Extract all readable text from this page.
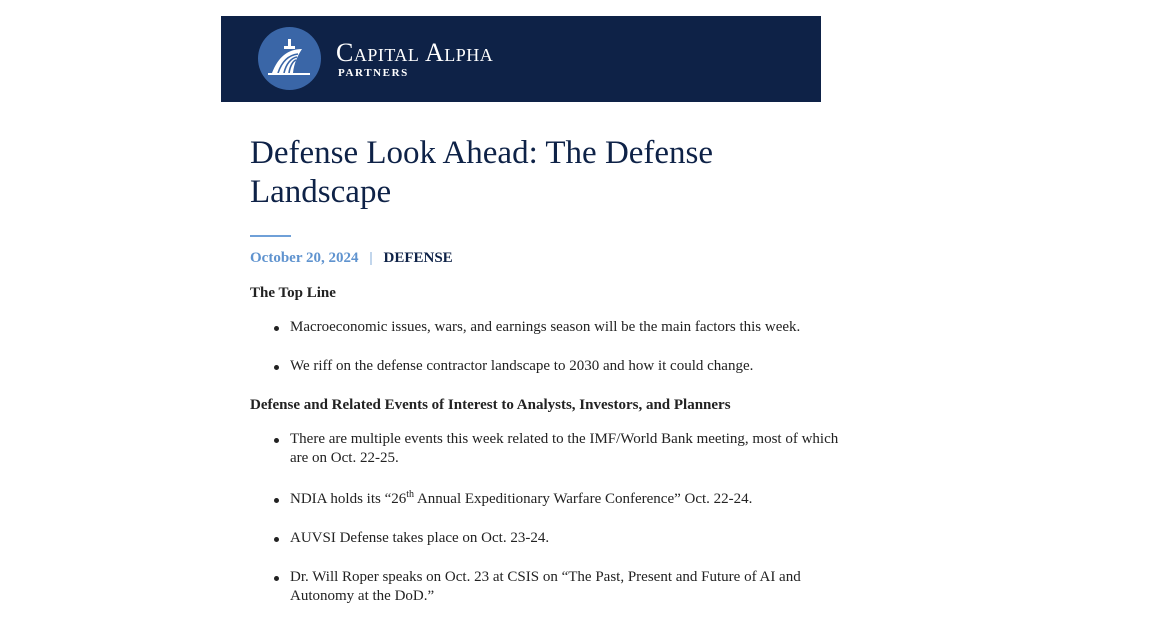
Capital Alpha
PARTNERS
Defense Look Ahead: The Defense Landscape
October 20, 2024 | DEFENSE
The Top Line
Macroeconomic issues, wars, and earnings season will be the main factors this week.
We riff on the defense contractor landscape to 2030 and how it could change.
Defense and Related Events of Interest to Analysts, Investors, and Planners
There are multiple events this week related to the IMF/World Bank meeting, most of which are on Oct. 22-25.
NDIA holds its “26th Annual Expeditionary Warfare Conference” Oct. 22-24.
AUVSI Defense takes place on Oct. 23-24.
Dr. Will Roper speaks on Oct. 23 at CSIS on “The Past, Present and Future of AI and Autonomy at the DoD.”
